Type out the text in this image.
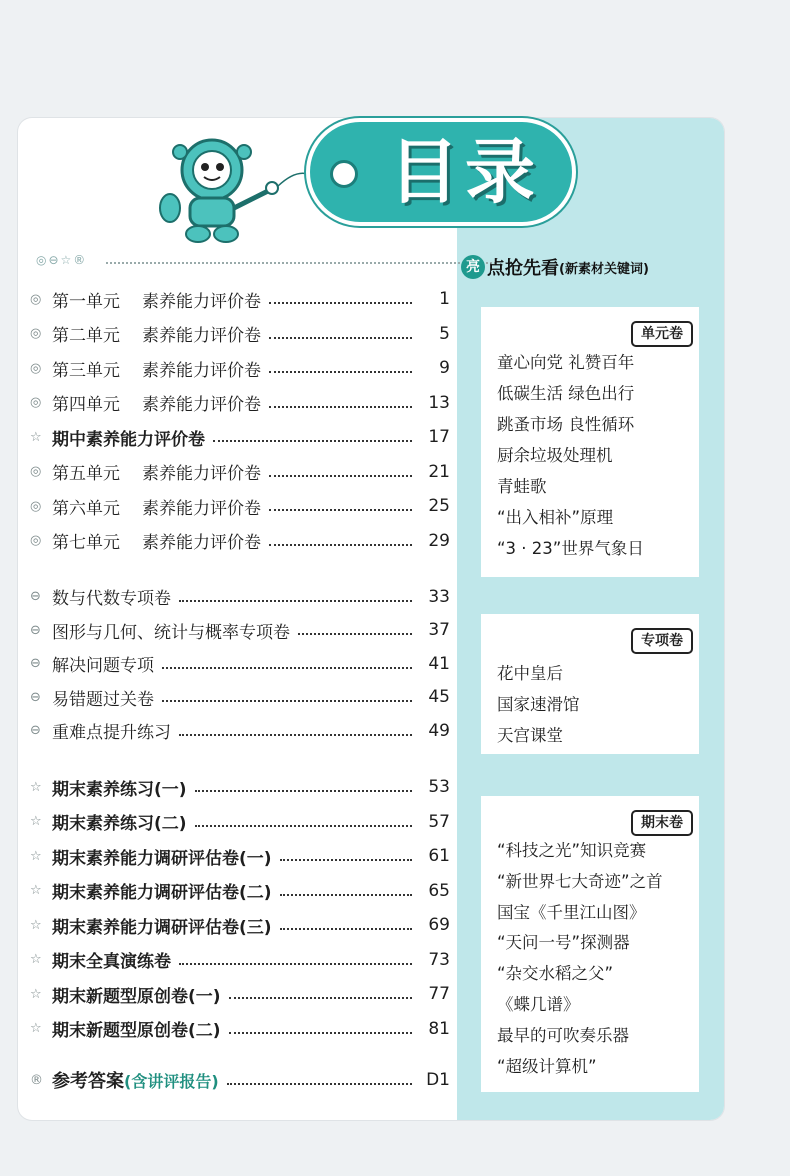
目录
◎⊖☆®
◎ 第一单元 素养能力评价卷	1
◎ 第二单元 素养能力评价卷	5
◎ 第三单元 素养能力评价卷	9
◎ 第四单元 素养能力评价卷	13
☆ 期中素养能力评价卷	17
◎ 第五单元 素养能力评价卷	21
◎ 第六单元 素养能力评价卷	25
◎ 第七单元 素养能力评价卷	29
⊖ 数与代数专项卷	33
⊖ 图形与几何、统计与概率专项卷	37
⊖ 解决问题专项	41
⊖ 易错题过关卷	45
⊖ 重难点提升练习	49
☆ 期末素养练习(一)	53
☆ 期末素养练习(二)	57
☆ 期末素养能力调研评估卷(一)	61
☆ 期末素养能力调研评估卷(二)	65
☆ 期末素养能力调研评估卷(三)	69
☆ 期末全真演练卷	73
☆ 期末新题型原创卷(一)	77
☆ 期末新题型原创卷(二)	81
® 参考答案 (含讲评报告)	D1
亮 点抢先看 (新素材关键词)
单元卷
童心向党 礼赞百年
低碳生活 绿色出行
跳蚤市场 良性循环
厨余垃圾处理机
青蛙歌
“出入相补”原理
“3 · 23”世界气象日
专项卷
花中皇后
国家速滑馆
天宫课堂
期末卷
“科技之光”知识竞赛
“新世界七大奇迹”之首
国宝《千里江山图》
“天问一号”探测器
“杂交水稻之父”
《蝶几谱》
最早的可吹奏乐器
“超级计算机”
